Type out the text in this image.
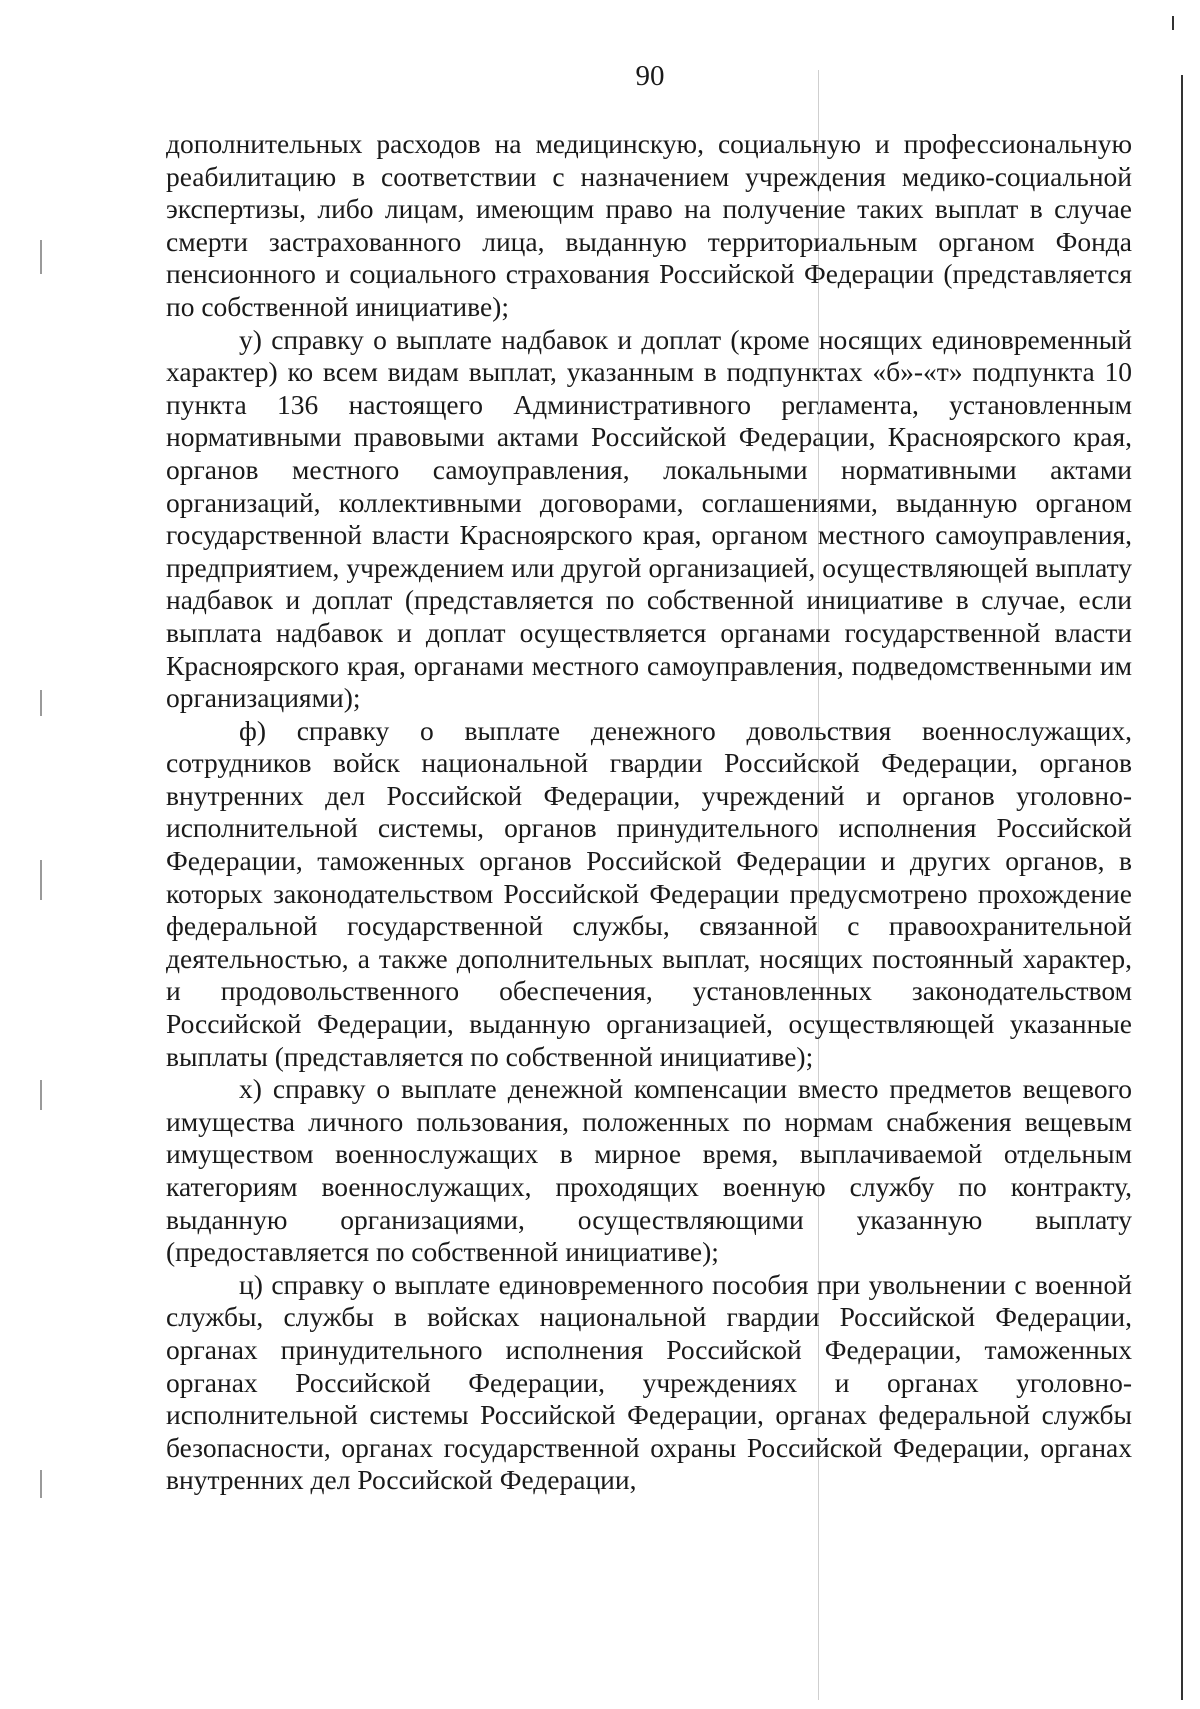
90

дополнительных расходов на медицинскую, социальную и профессиональную реабилитацию в соответствии с назначением учреждения медико-социальной экспертизы, либо лицам, имеющим право на получение таких выплат в случае смерти застрахованного лица, выданную территориальным органом Фонда пенсионного и социального страхования Российской Федерации (представляется по собственной инициативе);

у) справку о выплате надбавок и доплат (кроме носящих единовременный характер) ко всем видам выплат, указанным в подпунктах «б»-«т» подпункта 10 пункта 136 настоящего Административного регламента, установленным нормативными правовыми актами Российской Федерации, Красноярского края, органов местного самоуправления, локальными нормативными актами организаций, коллективными договорами, соглашениями, выданную органом государственной власти Красноярского края, органом местного самоуправления, предприятием, учреждением или другой организацией, осуществляющей выплату надбавок и доплат (представляется по собственной инициативе в случае, если выплата надбавок и доплат осуществляется органами государственной власти Красноярского края, органами местного самоуправления, подведомственными им организациями);

ф) справку о выплате денежного довольствия военнослужащих, сотрудников войск национальной гвардии Российской Федерации, органов внутренних дел Российской Федерации, учреждений и органов уголовно-исполнительной системы, органов принудительного исполнения Российской Федерации, таможенных органов Российской Федерации и других органов, в которых законодательством Российской Федерации предусмотрено прохождение федеральной государственной службы, связанной с правоохранительной деятельностью, а также дополнительных выплат, носящих постоянный характер, и продовольственного обеспечения, установленных законодательством Российской Федерации, выданную организацией, осуществляющей указанные выплаты (представляется по собственной инициативе);

х) справку о выплате денежной компенсации вместо предметов вещевого имущества личного пользования, положенных по нормам снабжения вещевым имуществом военнослужащих в мирное время, выплачиваемой отдельным категориям военнослужащих, проходящих военную службу по контракту, выданную организациями, осуществляющими указанную выплату (предоставляется по собственной инициативе);

ц) справку о выплате единовременного пособия при увольнении с военной службы, службы в войсках национальной гвардии Российской Федерации, органах принудительного исполнения Российской Федерации, таможенных органах Российской Федерации, учреждениях и органах уголовно-исполнительной системы Российской Федерации, органах федеральной службы безопасности, органах государственной охраны Российской Федерации, органах внутренних дел Российской Федерации,
